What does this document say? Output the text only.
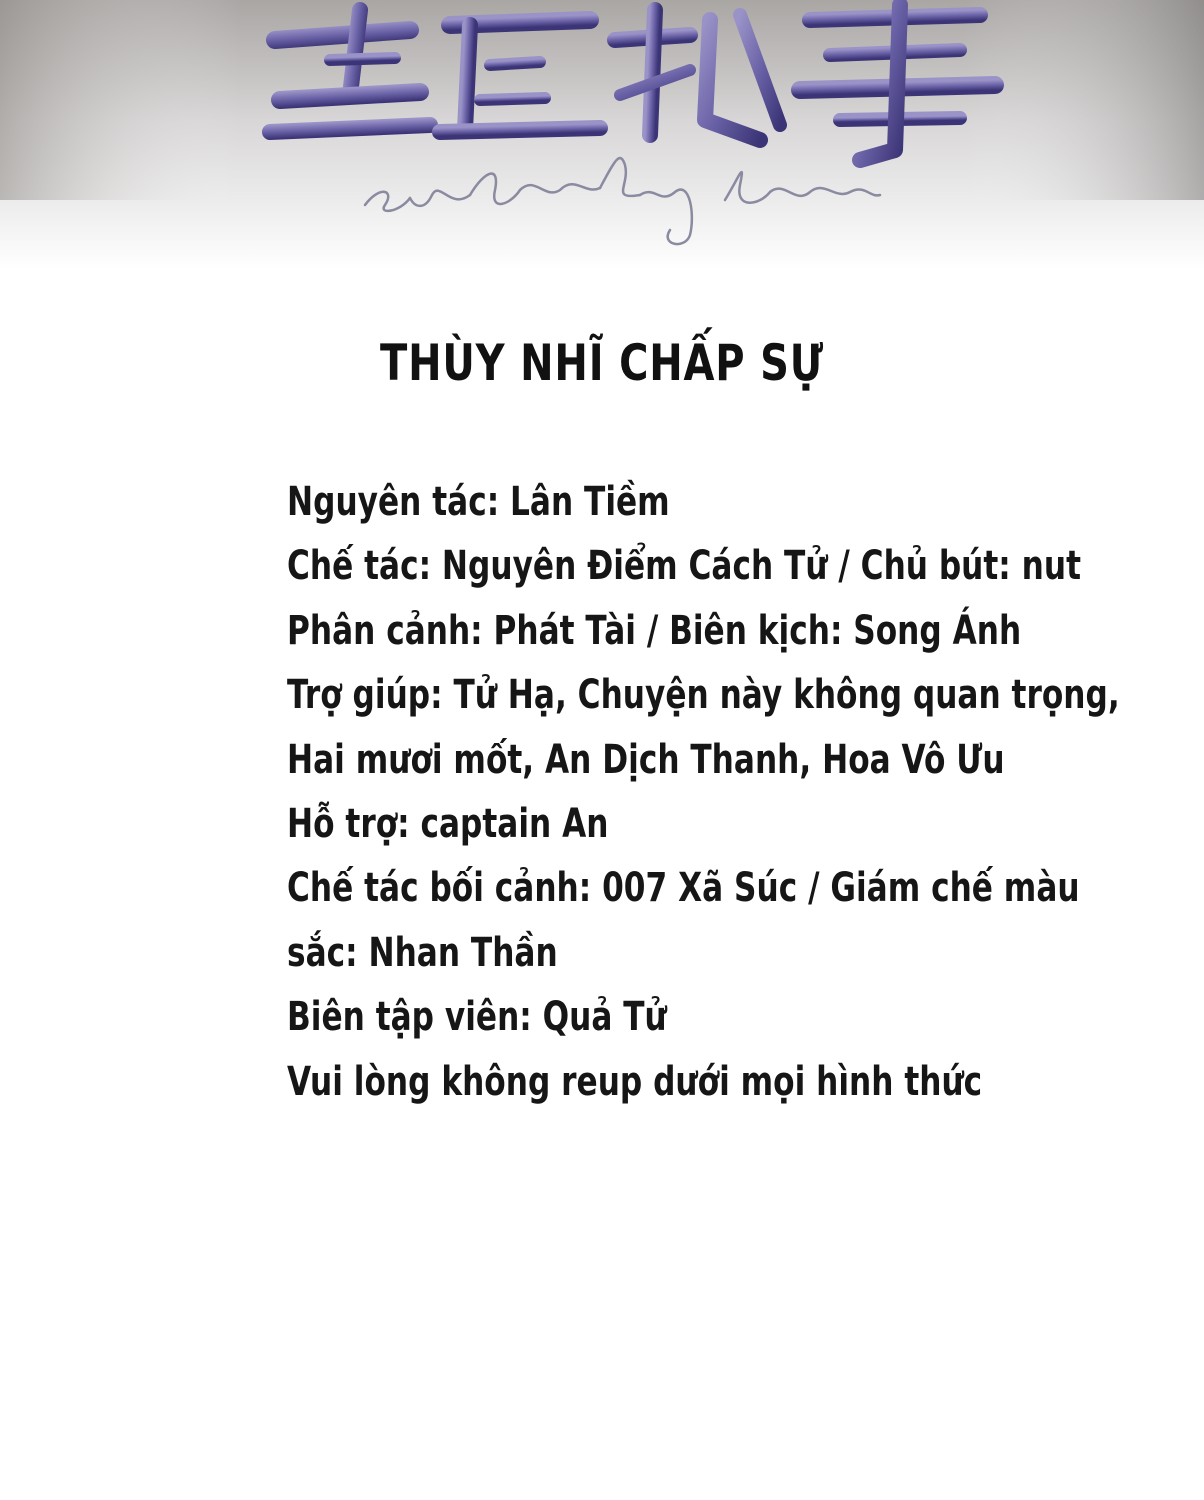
THÙY NHĨ CHẤP SỰ
Nguyên tác: Lân Tiềm
Chế tác: Nguyên Điểm Cách Tử / Chủ bút: nut
Phân cảnh: Phát Tài / Biên kịch: Song Ánh
Trợ giúp: Tử Hạ, Chuyện này không quan trọng,
Hai mươi mốt, An Dịch Thanh, Hoa Vô Ưu
Hỗ trợ: captain An
Chế tác bối cảnh: 007 Xã Súc / Giám chế màu
sắc: Nhan Thần
Biên tập viên: Quả Tử
Vui lòng không reup dưới mọi hình thức
